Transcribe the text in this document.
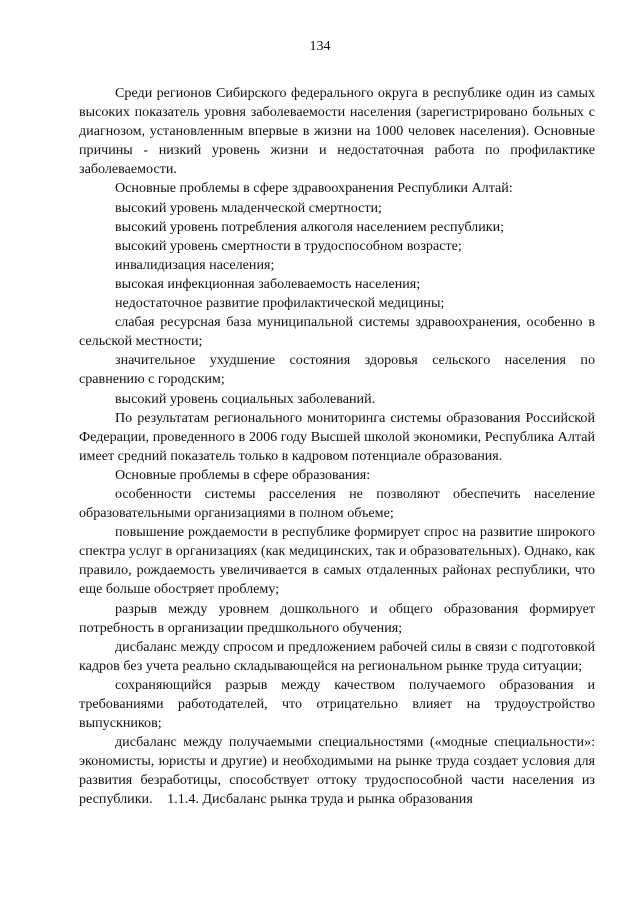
134

Среди регионов Сибирского федерального округа в республике один из самых высоких показатель уровня заболеваемости населения (зарегистрировано больных с диагнозом, установленным впервые в жизни на 1000 человек населения). Основные причины - низкий уровень жизни и недостаточная работа по профилактике заболеваемости.

Основные проблемы в сфере здравоохранения Республики Алтай:

высокий уровень младенческой смертности;

высокий уровень потребления алкоголя населением республики;

высокий уровень смертности в трудоспособном возрасте;

инвалидизация населения;

высокая инфекционная заболеваемость населения;

недостаточное развитие профилактической медицины;

слабая ресурсная база муниципальной системы здравоохранения, особенно в сельской местности;

значительное ухудшение состояния здоровья сельского населения по сравнению с городским;

высокий уровень социальных заболеваний.

По результатам регионального мониторинга системы образования Российской Федерации, проведенного в 2006 году Высшей школой экономики, Республика Алтай имеет средний показатель только в кадровом потенциале образования.

Основные проблемы в сфере образования:

особенности системы расселения не позволяют обеспечить население образовательными организациями в полном объеме;

повышение рождаемости в республике формирует спрос на развитие широкого спектра услуг в организациях (как медицинских, так и образовательных). Однако, как правило, рождаемость увеличивается в самых отдаленных районах республики, что еще больше обостряет проблему;

разрыв между уровнем дошкольного и общего образования формирует потребность в организации предшкольного обучения;

дисбаланс между спросом и предложением рабочей силы в связи с подготовкой кадров без учета реально складывающейся на региональном рынке труда ситуации;

сохраняющийся разрыв между качеством получаемого образования и требованиями работодателей, что отрицательно влияет на трудоустройство выпускников;

дисбаланс между получаемыми специальностями («модные специальности»: экономисты, юристы и другие) и необходимыми на рынке труда создает условия для развития безработицы, способствует оттоку трудоспособной части населения из республики.	1.1.4. Дисбаланс рынка труда и рынка образования
